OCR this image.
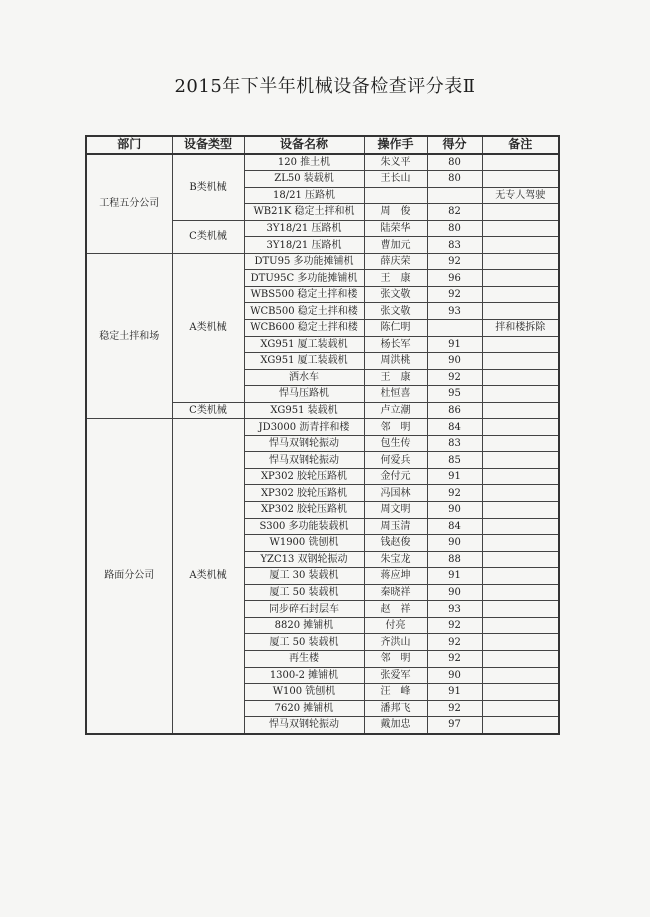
2015年下半年机械设备检查评分表Ⅱ
部门	设备类型	设备名称	操作手	得分	备注
工程五分公司	B类机械	120 推土机	朱义平	80	
		ZL50 装载机	王长山	80	
		18/21 压路机			无专人驾驶
		WB21K 稳定土拌和机	周　俊	82	
	C类机械	3Y18/21 压路机	陆荣华	80	
		3Y18/21 压路机	曹加元	83	
稳定土拌和场	A类机械	DTU95 多功能摊铺机	薛庆荣	92	
		DTU95C 多功能摊铺机	王　康	96	
		WBS500 稳定土拌和楼	张文敬	92	
		WCB500 稳定土拌和楼	张文敬	93	
		WCB600 稳定土拌和楼	陈仁明		拌和楼拆除
		XG951 厦工装载机	杨长军	91	
		XG951 厦工装载机	周洪桃	90	
		洒水车	王　康	92	
		悍马压路机	杜恒喜	95	
	C类机械	XG951 装载机	卢立潮	86	
路面分公司	A类机械	JD3000 沥青拌和楼	邻　明	84	
		悍马双钢轮振动	包生传	83	
		悍马双钢轮振动	何爱兵	85	
		XP302 胶轮压路机	金付元	91	
		XP302 胶轮压路机	冯国林	92	
		XP302 胶轮压路机	周文明	90	
		S300 多功能装载机	周玉清	84	
		W1900 铣刨机	钱赵俊	90	
		YZC13 双钢轮振动	朱宝龙	88	
		厦工 30 装载机	蒋应坤	91	
		厦工 50 装载机	秦晓祥	90	
		同步碎石封层车	赵　祥	93	
		8820 摊铺机	付亮	92	
		厦工 50 装载机	齐洪山	92	
		再生楼	邻　明	92	
		1300-2 摊铺机	张爱军	90	
		W100 铣刨机	汪　峰	91	
		7620 摊铺机	潘邦飞	92	
		悍马双钢轮振动	戴加忠	97	
